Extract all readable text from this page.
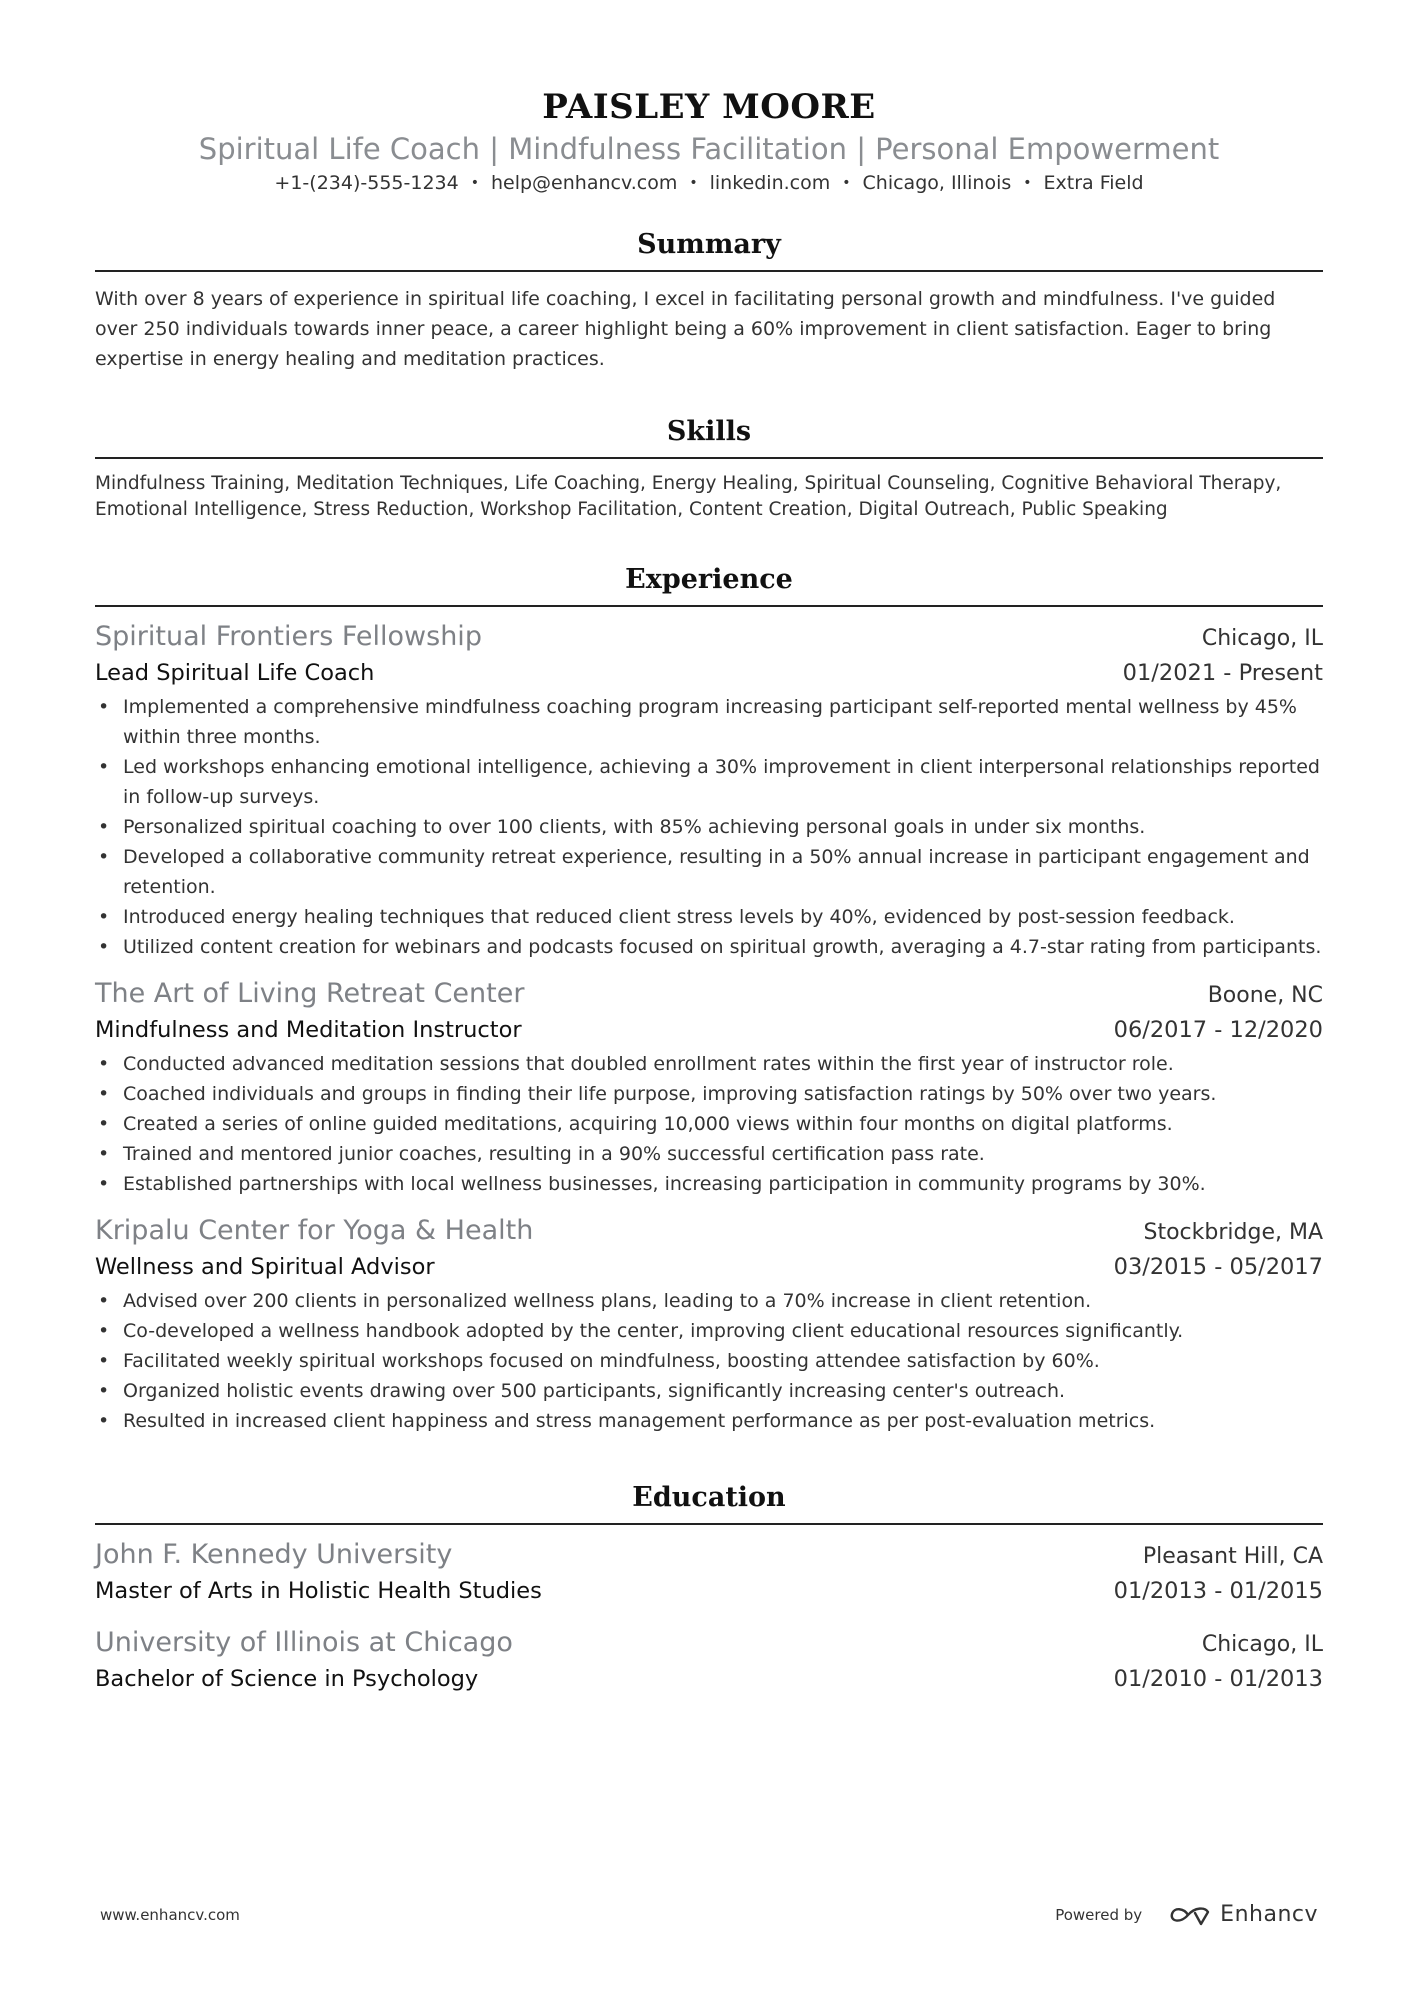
PAISLEY MOORE
Spiritual Life Coach | Mindfulness Facilitation | Personal Empowerment
+1-(234)-555-1234 • help@enhancv.com • linkedin.com • Chicago, Illinois • Extra Field
Summary

With over 8 years of experience in spiritual life coaching, I excel in facilitating personal growth and mindfulness. I've guided over 250 individuals towards inner peace, a career highlight being a 60% improvement in client satisfaction. Eager to bring expertise in energy healing and meditation practices.

Skills

Mindfulness Training, Meditation Techniques, Life Coaching, Energy Healing, Spiritual Counseling, Cognitive Behavioral Therapy, Emotional Intelligence, Stress Reduction, Workshop Facilitation, Content Creation, Digital Outreach, Public Speaking

Experience
Spiritual Frontiers Fellowship	Chicago, IL
Lead Spiritual Life Coach	01/2021 - Present
• Implemented a comprehensive mindfulness coaching program increasing participant self-reported mental wellness by 45% within three months.
• Led workshops enhancing emotional intelligence, achieving a 30% improvement in client interpersonal relationships reported in follow-up surveys.
• Personalized spiritual coaching to over 100 clients, with 85% achieving personal goals in under six months.
• Developed a collaborative community retreat experience, resulting in a 50% annual increase in participant engagement and retention.
• Introduced energy healing techniques that reduced client stress levels by 40%, evidenced by post-session feedback.
• Utilized content creation for webinars and podcasts focused on spiritual growth, averaging a 4.7-star rating from participants.
The Art of Living Retreat Center	Boone, NC
Mindfulness and Meditation Instructor	06/2017 - 12/2020
• Conducted advanced meditation sessions that doubled enrollment rates within the first year of instructor role.
• Coached individuals and groups in finding their life purpose, improving satisfaction ratings by 50% over two years.
• Created a series of online guided meditations, acquiring 10,000 views within four months on digital platforms.
• Trained and mentored junior coaches, resulting in a 90% successful certification pass rate.
• Established partnerships with local wellness businesses, increasing participation in community programs by 30%.
Kripalu Center for Yoga & Health	Stockbridge, MA
Wellness and Spiritual Advisor	03/2015 - 05/2017
• Advised over 200 clients in personalized wellness plans, leading to a 70% increase in client retention.
• Co-developed a wellness handbook adopted by the center, improving client educational resources significantly.
• Facilitated weekly spiritual workshops focused on mindfulness, boosting attendee satisfaction by 60%.
• Organized holistic events drawing over 500 participants, significantly increasing center's outreach.
• Resulted in increased client happiness and stress management performance as per post-evaluation metrics.
Education
John F. Kennedy University	Pleasant Hill, CA
Master of Arts in Holistic Health Studies	01/2013 - 01/2015
University of Illinois at Chicago	Chicago, IL
Bachelor of Science in Psychology	01/2010 - 01/2013
www.enhancv.com	Powered by	Enhancv
